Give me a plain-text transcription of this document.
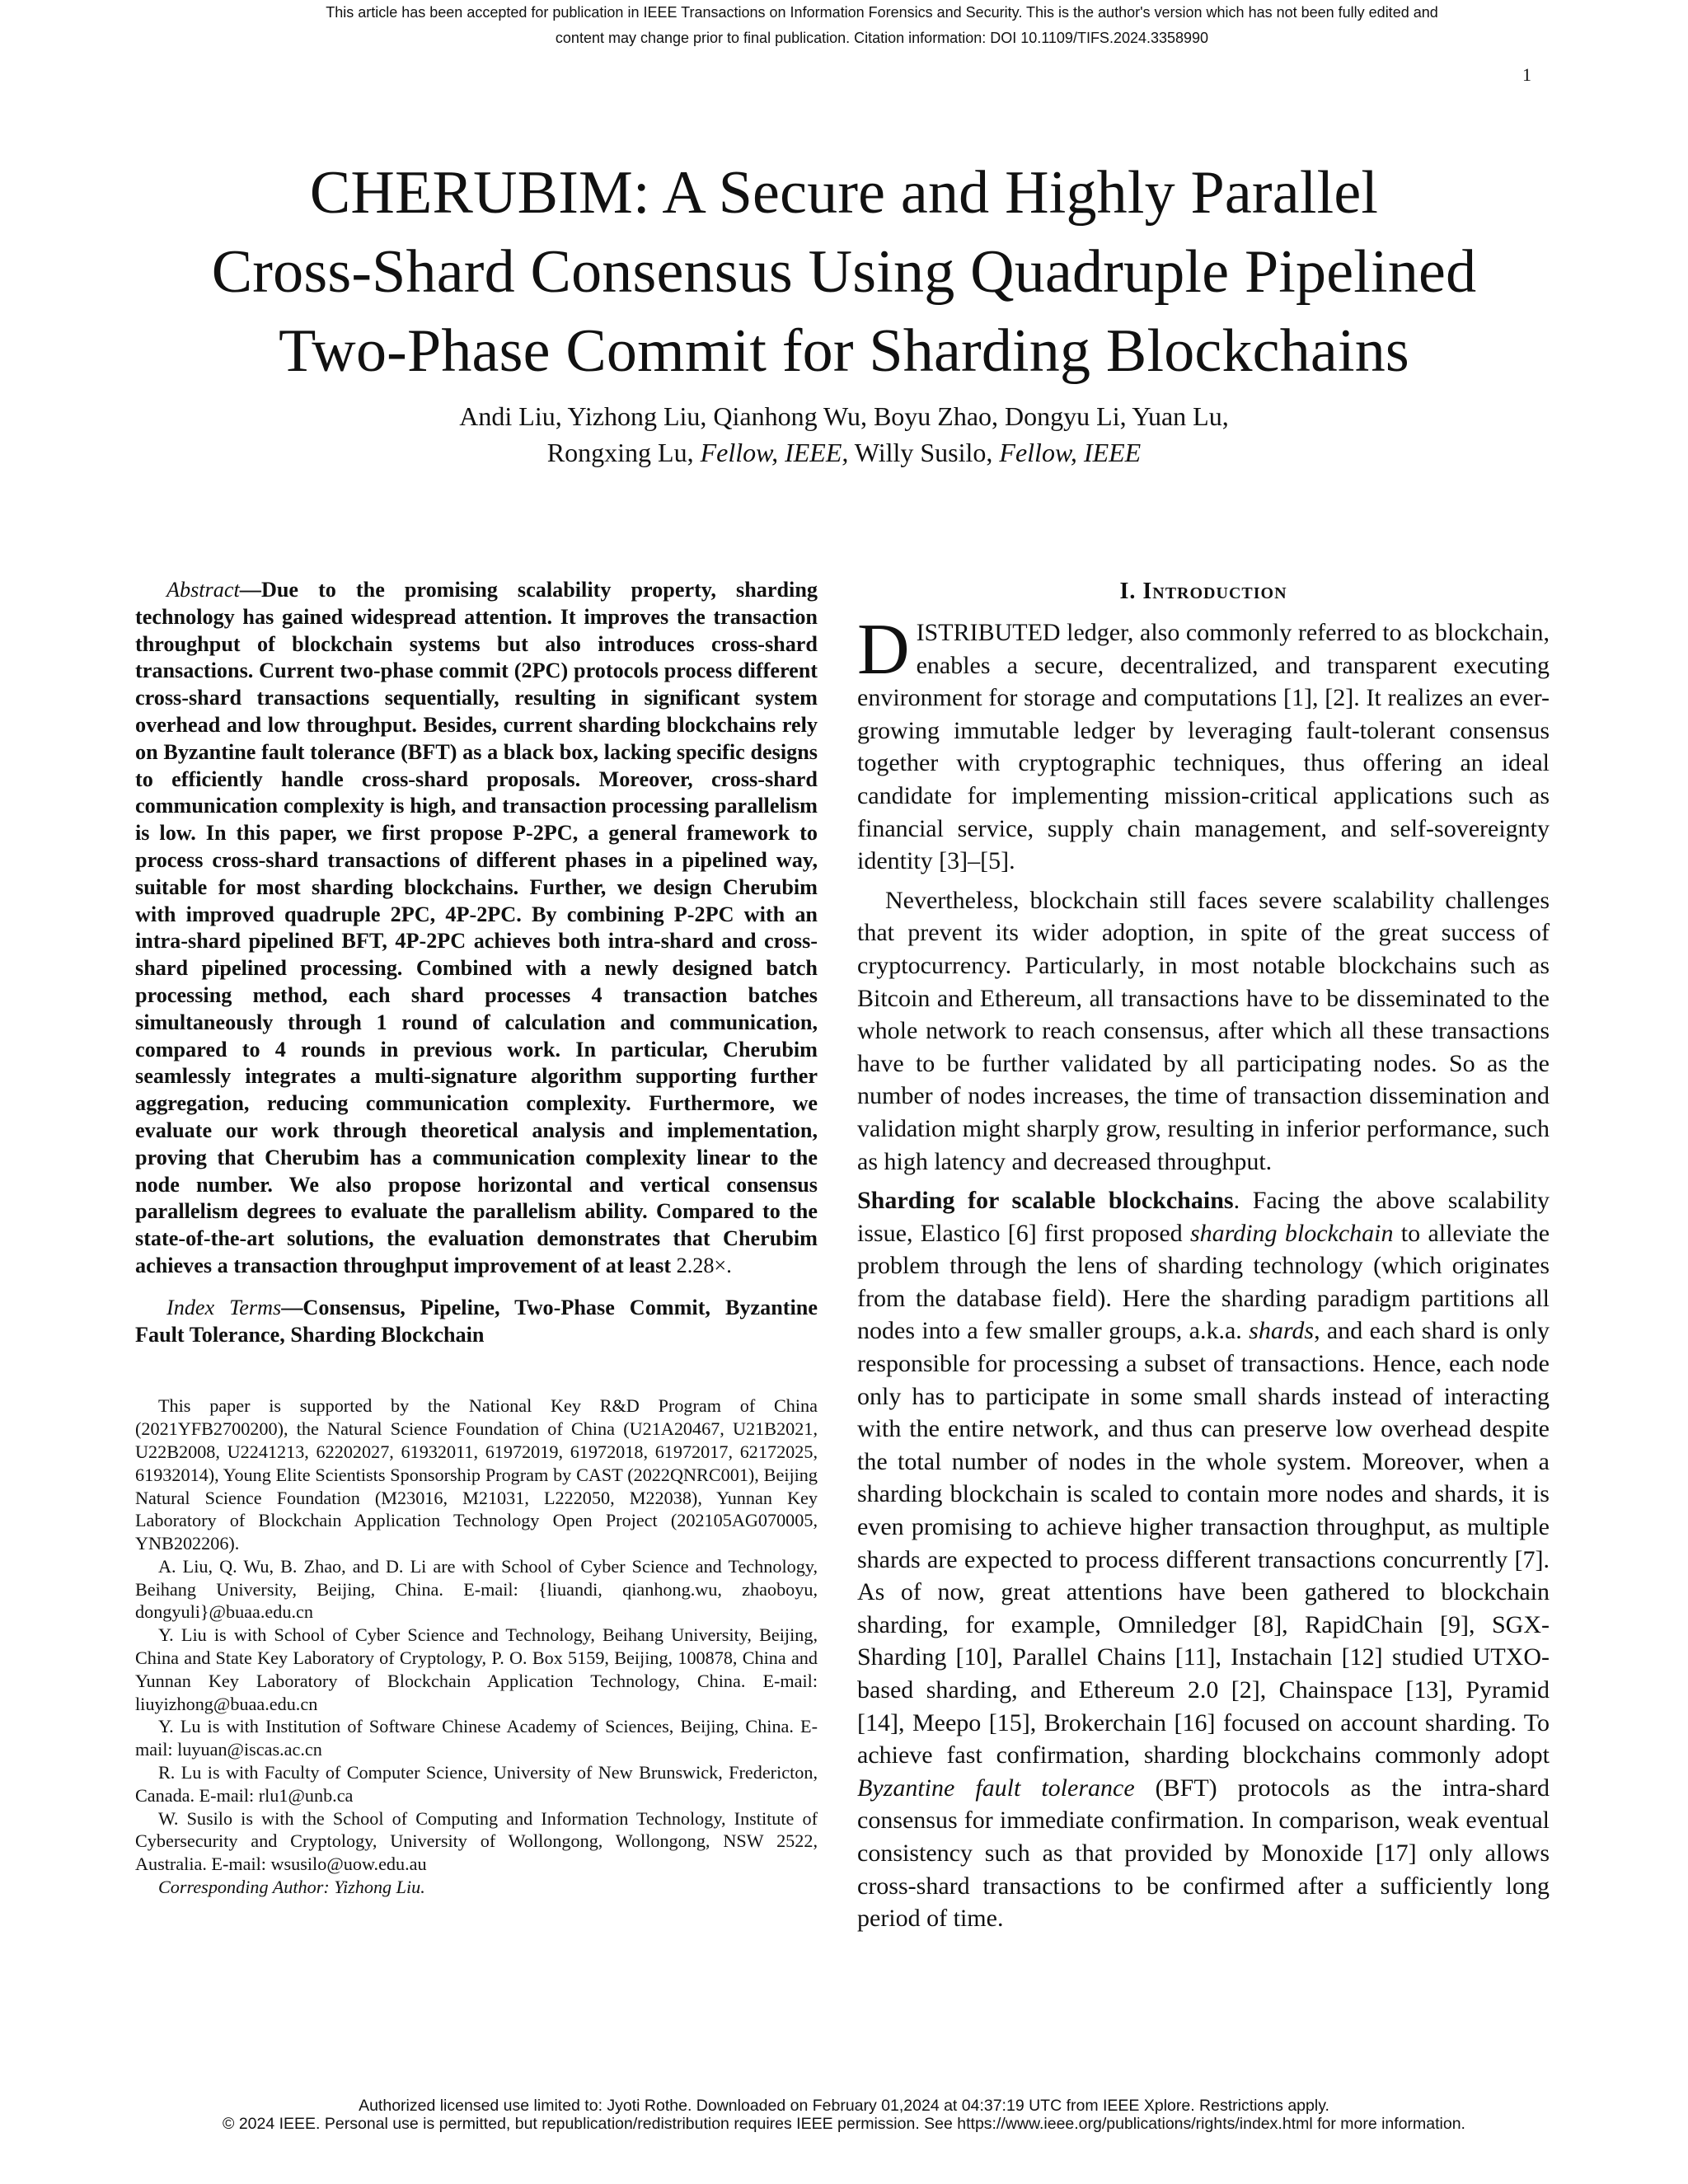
This article has been accepted for publication in IEEE Transactions on Information Forensics and Security. This is the author's version which has not been fully edited and
content may change prior to final publication. Citation information: DOI 10.1109/TIFS.2024.3358990
1
CHERUBIM: A Secure and Highly Parallel
Cross-Shard Consensus Using Quadruple Pipelined
Two-Phase Commit for Sharding Blockchains
Andi Liu, Yizhong Liu, Qianhong Wu, Boyu Zhao, Dongyu Li, Yuan Lu,
Rongxing Lu, Fellow, IEEE, Willy Susilo, Fellow, IEEE

Abstract—Due to the promising scalability property, sharding technology has gained widespread attention. It improves the transaction throughput of blockchain systems but also introduces cross-shard transactions. Current two-phase commit (2PC) protocols process different cross-shard transactions sequentially, resulting in significant system overhead and low throughput. Besides, current sharding blockchains rely on Byzantine fault tolerance (BFT) as a black box, lacking specific designs to efficiently handle cross-shard proposals. Moreover, cross-shard communication complexity is high, and transaction processing parallelism is low. In this paper, we first propose P-2PC, a general framework to process cross-shard transactions of different phases in a pipelined way, suitable for most sharding blockchains. Further, we design Cherubim with improved quadruple 2PC, 4P-2PC. By combining P-2PC with an intra-shard pipelined BFT, 4P-2PC achieves both intra-shard and cross-shard pipelined processing. Combined with a newly designed batch processing method, each shard processes 4 transaction batches simultaneously through 1 round of calculation and communication, compared to 4 rounds in previous work. In particular, Cherubim seamlessly integrates a multi-signature algorithm supporting further aggregation, reducing communication complexity. Furthermore, we evaluate our work through theoretical analysis and implementation, proving that Cherubim has a communication complexity linear to the node number. We also propose horizontal and vertical consensus parallelism degrees to evaluate the parallelism ability. Compared to the state-of-the-art solutions, the evaluation demonstrates that Cherubim achieves a transaction throughput improvement of at least 2.28×.

Index Terms—Consensus, Pipeline, Two-Phase Commit, Byzantine Fault Tolerance, Sharding Blockchain

This paper is supported by the National Key R&D Program of China (2021YFB2700200), the Natural Science Foundation of China (U21A20467, U21B2021, U22B2008, U2241213, 62202027, 61932011, 61972019, 61972018, 61972017, 62172025, 61932014), Young Elite Scientists Sponsorship Program by CAST (2022QNRC001), Beijing Natural Science Foundation (M23016, M21031, L222050, M22038), Yunnan Key Laboratory of Blockchain Application Technology Open Project (202105AG070005, YNB202206).

A. Liu, Q. Wu, B. Zhao, and D. Li are with School of Cyber Science and Technology, Beihang University, Beijing, China. E-mail: {liuandi, qianhong.wu, zhaoboyu, dongyuli}@buaa.edu.cn

Y. Liu is with School of Cyber Science and Technology, Beihang University, Beijing, China and State Key Laboratory of Cryptology, P. O. Box 5159, Beijing, 100878, China and Yunnan Key Laboratory of Blockchain Application Technology, China. E-mail: liuyizhong@buaa.edu.cn

Y. Lu is with Institution of Software Chinese Academy of Sciences, Beijing, China. E-mail: luyuan@iscas.ac.cn

R. Lu is with Faculty of Computer Science, University of New Brunswick, Fredericton, Canada. E-mail: rlu1@unb.ca

W. Susilo is with the School of Computing and Information Technology, Institute of Cybersecurity and Cryptology, University of Wollongong, Wollongong, NSW 2522, Australia. E-mail: wsusilo@uow.edu.au

Corresponding Author: Yizhong Liu.

I. Introduction

DISTRIBUTED ledger, also commonly referred to as blockchain, enables a secure, decentralized, and transparent executing environment for storage and computations [1], [2]. It realizes an ever-growing immutable ledger by leveraging fault-tolerant consensus together with cryptographic techniques, thus offering an ideal candidate for implementing mission-critical applications such as financial service, supply chain management, and self-sovereignty identity [3]–[5].

Nevertheless, blockchain still faces severe scalability challenges that prevent its wider adoption, in spite of the great success of cryptocurrency. Particularly, in most notable blockchains such as Bitcoin and Ethereum, all transactions have to be disseminated to the whole network to reach consensus, after which all these transactions have to be further validated by all participating nodes. So as the number of nodes increases, the time of transaction dissemination and validation might sharply grow, resulting in inferior performance, such as high latency and decreased throughput.

Sharding for scalable blockchains. Facing the above scalability issue, Elastico [6] first proposed sharding blockchain to alleviate the problem through the lens of sharding technology (which originates from the database field). Here the sharding paradigm partitions all nodes into a few smaller groups, a.k.a. shards, and each shard is only responsible for processing a subset of transactions. Hence, each node only has to participate in some small shards instead of interacting with the entire network, and thus can preserve low overhead despite the total number of nodes in the whole system. Moreover, when a sharding blockchain is scaled to contain more nodes and shards, it is even promising to achieve higher transaction throughput, as multiple shards are expected to process different transactions concurrently [7]. As of now, great attentions have been gathered to blockchain sharding, for example, Omniledger [8], RapidChain [9], SGX-Sharding [10], Parallel Chains [11], Instachain [12] studied UTXO-based sharding, and Ethereum 2.0 [2], Chainspace [13], Pyramid [14], Meepo [15], Brokerchain [16] focused on account sharding. To achieve fast confirmation, sharding blockchains commonly adopt Byzantine fault tolerance (BFT) protocols as the intra-shard consensus for immediate confirmation. In comparison, weak eventual consistency such as that provided by Monoxide [17] only allows cross-shard transactions to be confirmed after a sufficiently long period of time.

Authorized licensed use limited to: Jyoti Rothe. Downloaded on February 01,2024 at 04:37:19 UTC from IEEE Xplore. Restrictions apply.
© 2024 IEEE. Personal use is permitted, but republication/redistribution requires IEEE permission. See https://www.ieee.org/publications/rights/index.html for more information.
